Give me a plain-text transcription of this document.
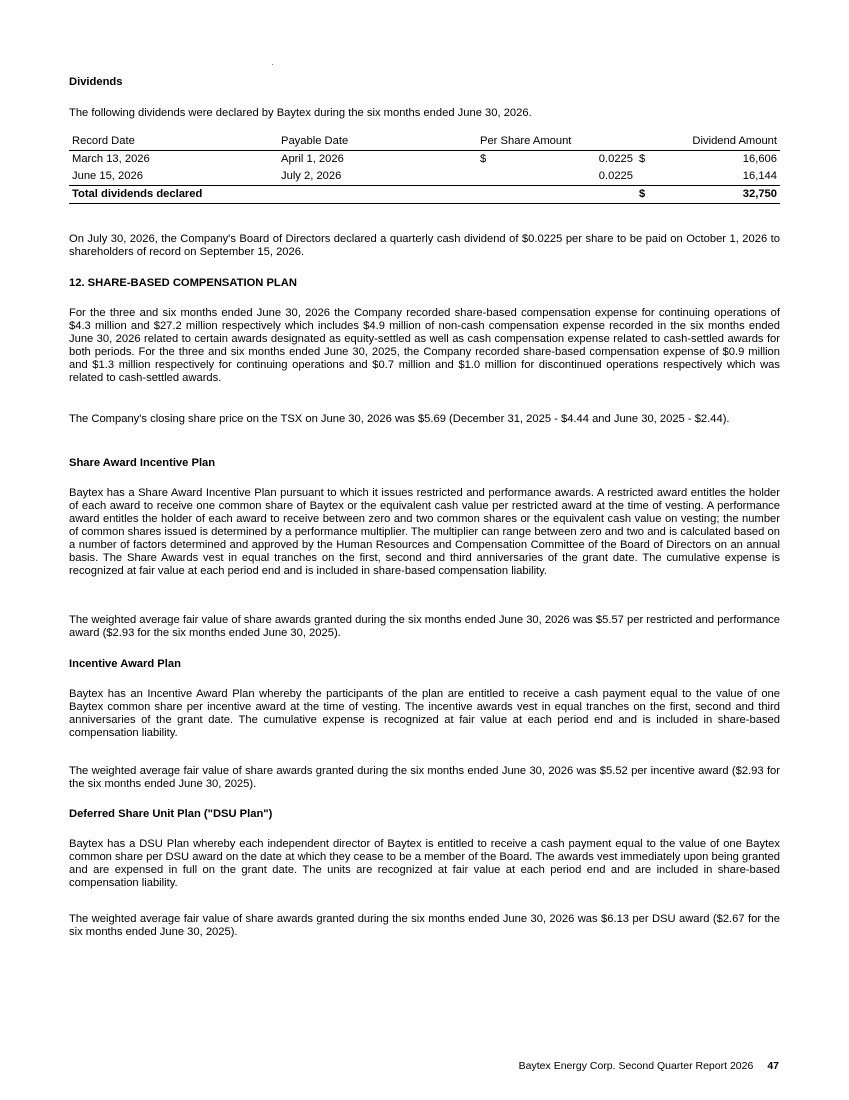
Dividends

The following dividends were declared by Baytex during the six months ended June 30, 2026.

Record Date	Payable Date	Per Share Amount		Dividend Amount	
March 13, 2026	April 1, 2026	$	0.0225	$	16,606
June 15, 2026	July 2, 2026		0.0225		16,144
Total dividends declared				$	32,750

On July 30, 2026, the Company's Board of Directors declared a quarterly cash dividend of $0.0225 per share to be paid on October 1, 2026 to shareholders of record on September 15, 2026.

12. SHARE-BASED COMPENSATION PLAN

For the three and six months ended June 30, 2026 the Company recorded share-based compensation expense for continuing operations of $4.3 million and $27.2 million respectively which includes $4.9 million of non-cash compensation expense recorded in the six months ended June 30, 2026 related to certain awards designated as equity-settled as well as cash compensation expense related to cash-settled awards for both periods. For the three and six months ended June 30, 2025, the Company recorded share-based compensation expense of $0.9 million and $1.3 million respectively for continuing operations and $0.7 million and $1.0 million for discontinued operations respectively which was related to cash-settled awards.

The Company's closing share price on the TSX on June 30, 2026 was $5.69 (December 31, 2025 - $4.44 and June 30, 2025 - $2.44).

Share Award Incentive Plan

Baytex has a Share Award Incentive Plan pursuant to which it issues restricted and performance awards. A restricted award entitles the holder of each award to receive one common share of Baytex or the equivalent cash value per restricted award at the time of vesting. A performance award entitles the holder of each award to receive between zero and two common shares or the equivalent cash value on vesting; the number of common shares issued is determined by a performance multiplier. The multiplier can range between zero and two and is calculated based on a number of factors determined and approved by the Human Resources and Compensation Committee of the Board of Directors on an annual basis. The Share Awards vest in equal tranches on the first, second and third anniversaries of the grant date. The cumulative expense is recognized at fair value at each period end and is included in share-based compensation liability.

The weighted average fair value of share awards granted during the six months ended June 30, 2026 was $5.57 per restricted and performance award ($2.93 for the six months ended June 30, 2025).

Incentive Award Plan

Baytex has an Incentive Award Plan whereby the participants of the plan are entitled to receive a cash payment equal to the value of one Baytex common share per incentive award at the time of vesting. The incentive awards vest in equal tranches on the first, second and third anniversaries of the grant date. The cumulative expense is recognized at fair value at each period end and is included in share-based compensation liability.

The weighted average fair value of share awards granted during the six months ended June 30, 2026 was $5.52 per incentive award ($2.93 for the six months ended June 30, 2025).

Deferred Share Unit Plan ("DSU Plan")

Baytex has a DSU Plan whereby each independent director of Baytex is entitled to receive a cash payment equal to the value of one Baytex common share per DSU award on the date at which they cease to be a member of the Board. The awards vest immediately upon being granted and are expensed in full on the grant date. The units are recognized at fair value at each period end and are included in share-based compensation liability.

The weighted average fair value of share awards granted during the six months ended June 30, 2026 was $6.13 per DSU award ($2.67 for the six months ended June 30, 2025).

Baytex Energy Corp. Second Quarter Report 2026 47
